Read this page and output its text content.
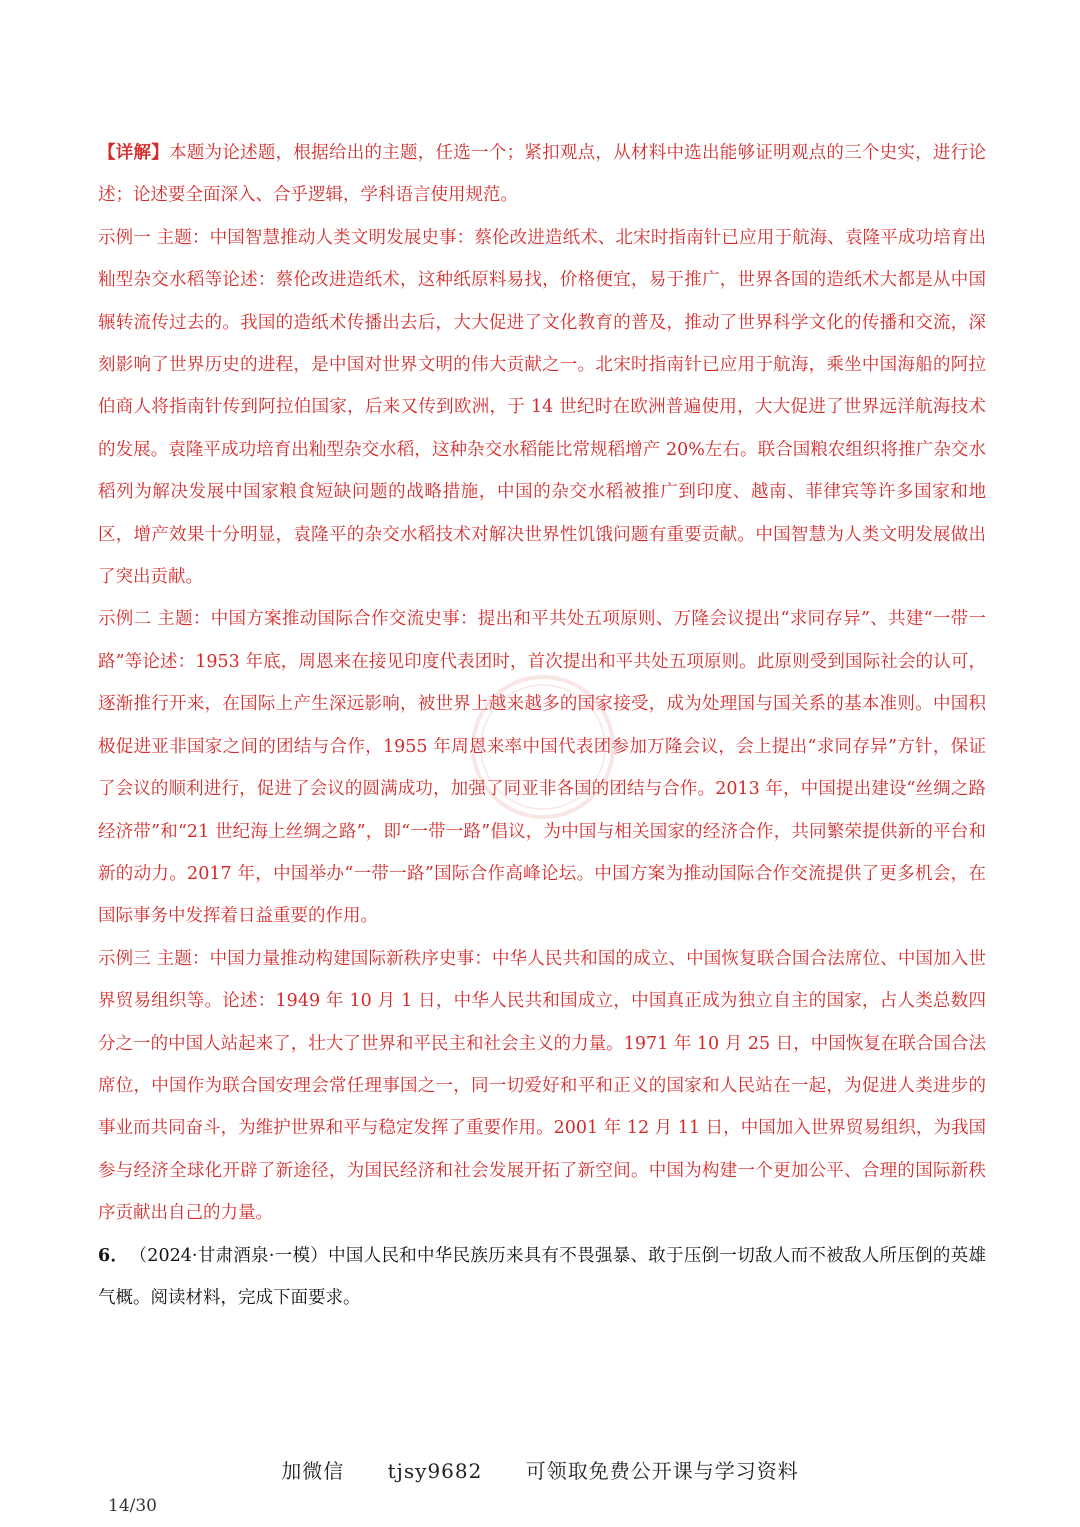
【详解】本题为论述题，根据给出的主题，任选一个；紧扣观点，从材料中选出能够证明观点的三个史实，进行论述；论述要全面深入、合乎逻辑，学科语言使用规范。

示例一 主题：中国智慧推动人类文明发展史事：蔡伦改进造纸术、北宋时指南针已应用于航海、袁隆平成功培育出籼型杂交水稻等论述：蔡伦改进造纸术，这种纸原料易找，价格便宜，易于推广，世界各国的造纸术大都是从中国辗转流传过去的。我国的造纸术传播出去后，大大促进了文化教育的普及，推动了世界科学文化的传播和交流，深刻影响了世界历史的进程，是中国对世界文明的伟大贡献之一。北宋时指南针已应用于航海，乘坐中国海船的阿拉伯商人将指南针传到阿拉伯国家，后来又传到欧洲，于 14 世纪时在欧洲普遍使用，大大促进了世界远洋航海技术的发展。袁隆平成功培育出籼型杂交水稻，这种杂交水稻能比常规稻增产 20%左右。联合国粮农组织将推广杂交水稻列为解决发展中国家粮食短缺问题的战略措施，中国的杂交水稻被推广到印度、越南、菲律宾等许多国家和地区，增产效果十分明显，袁隆平的杂交水稻技术对解决世界性饥饿问题有重要贡献。中国智慧为人类文明发展做出了突出贡献。

示例二 主题：中国方案推动国际合作交流史事：提出和平共处五项原则、万隆会议提出“求同存异”、共建“一带一路”等论述：1953 年底，周恩来在接见印度代表团时，首次提出和平共处五项原则。此原则受到国际社会的认可，逐渐推行开来，在国际上产生深远影响，被世界上越来越多的国家接受，成为处理国与国关系的基本准则。中国积极促进亚非国家之间的团结与合作，1955 年周恩来率中国代表团参加万隆会议，会上提出“求同存异”方针，保证了会议的顺利进行，促进了会议的圆满成功，加强了同亚非各国的团结与合作。2013 年，中国提出建设“丝绸之路经济带”和“21 世纪海上丝绸之路”，即“一带一路”倡议，为中国与相关国家的经济合作，共同繁荣提供新的平台和新的动力。2017 年，中国举办“一带一路”国际合作高峰论坛。中国方案为推动国际合作交流提供了更多机会，在国际事务中发挥着日益重要的作用。

示例三 主题：中国力量推动构建国际新秩序史事：中华人民共和国的成立、中国恢复联合国合法席位、中国加入世界贸易组织等。论述：1949 年 10 月 1 日，中华人民共和国成立，中国真正成为独立自主的国家，占人类总数四分之一的中国人站起来了，壮大了世界和平民主和社会主义的力量。1971 年 10 月 25 日，中国恢复在联合国合法席位，中国作为联合国安理会常任理事国之一，同一切爱好和平和正义的国家和人民站在一起，为促进人类进步的事业而共同奋斗，为维护世界和平与稳定发挥了重要作用。2001 年 12 月 11 日，中国加入世界贸易组织，为我国参与经济全球化开辟了新途径，为国民经济和社会发展开拓了新空间。中国为构建一个更加公平、合理的国际新秩序贡献出自己的力量。

6． （2024·甘肃酒泉·一模）中国人民和中华民族历来具有不畏强暴、敢于压倒一切敌人而不被敌人所压倒的英雄气概。阅读材料，完成下面要求。

加微信 tjsy9682 可领取免费公开课与学习资料
14/30
